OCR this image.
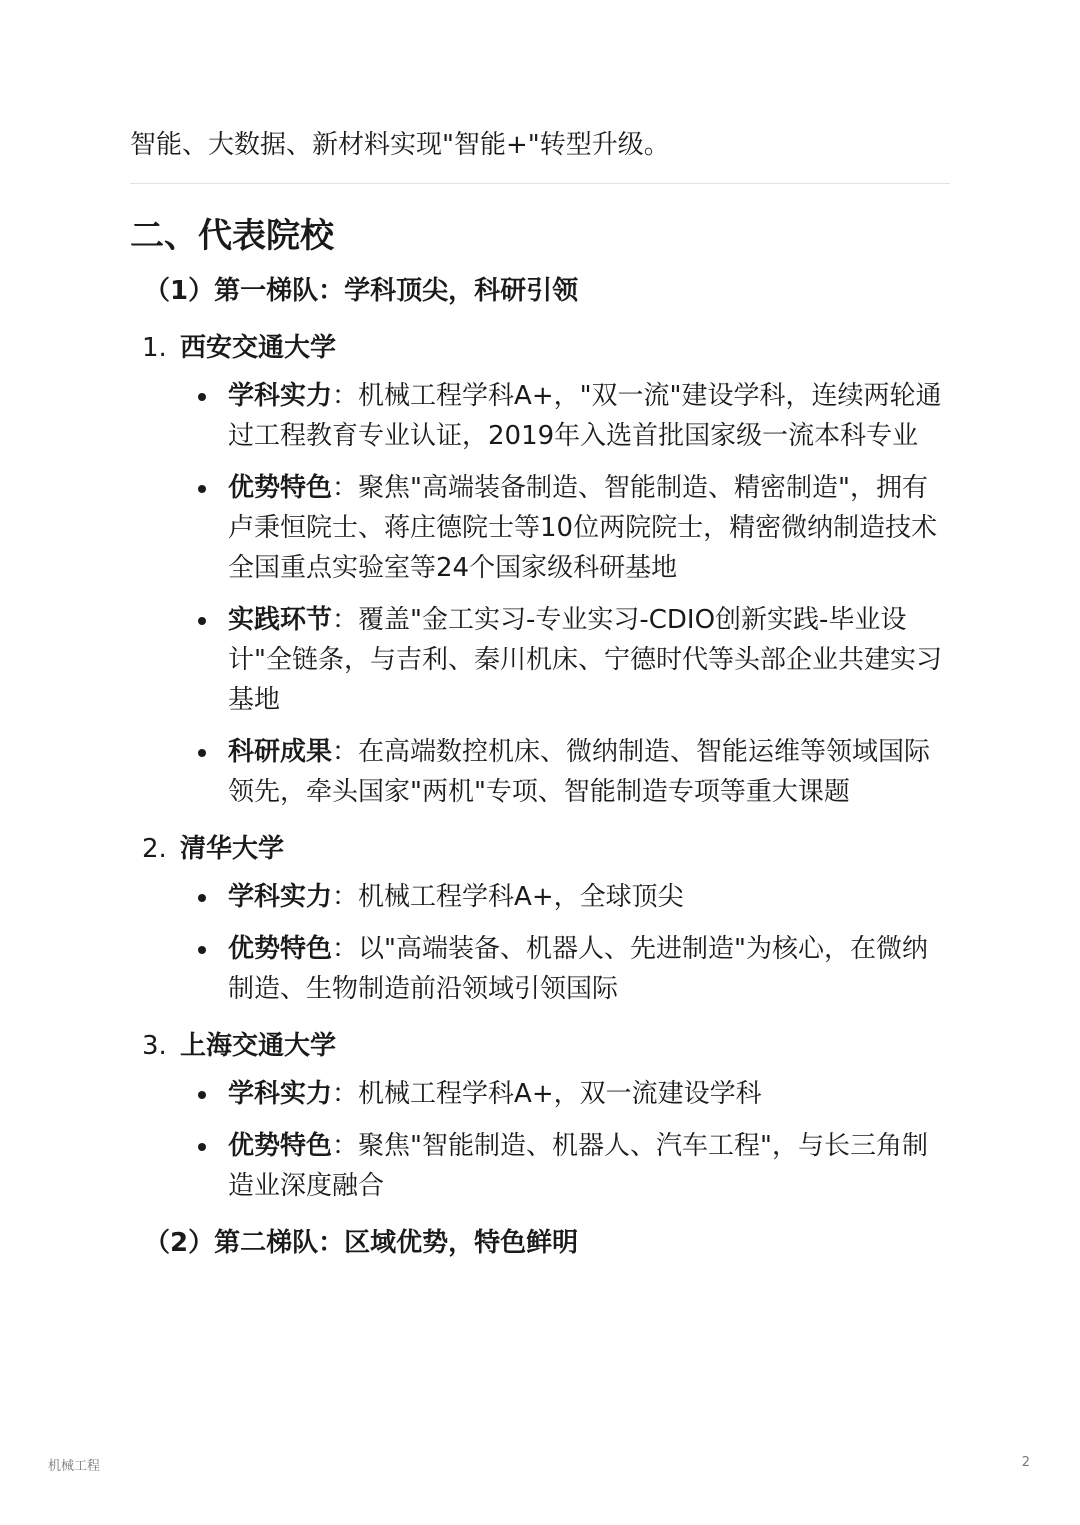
智能、大数据、新材料实现"智能+"转型升级。

二、代表院校
（1）第一梯队：学科顶尖，科研引领
1. 西安交通大学
学科实力：机械工程学科A+，"双一流"建设学科，连续两轮通过工程教育专业认证，2019年入选首批国家级一流本科专业
优势特色：聚焦"高端装备制造、智能制造、精密制造"，拥有卢秉恒院士、蒋庄德院士等10位两院院士，精密微纳制造技术全国重点实验室等24个国家级科研基地
实践环节：覆盖"金工实习-专业实习-CDIO创新实践-毕业设计"全链条，与吉利、秦川机床、宁德时代等头部企业共建实习基地
科研成果：在高端数控机床、微纳制造、智能运维等领域国际领先，牵头国家"两机"专项、智能制造专项等重大课题
2. 清华大学
学科实力：机械工程学科A+，全球顶尖
优势特色：以"高端装备、机器人、先进制造"为核心，在微纳制造、生物制造前沿领域引领国际
3. 上海交通大学
学科实力：机械工程学科A+，双一流建设学科
优势特色：聚焦"智能制造、机器人、汽车工程"，与长三角制造业深度融合
（2）第二梯队：区域优势，特色鲜明
机械工程	2
